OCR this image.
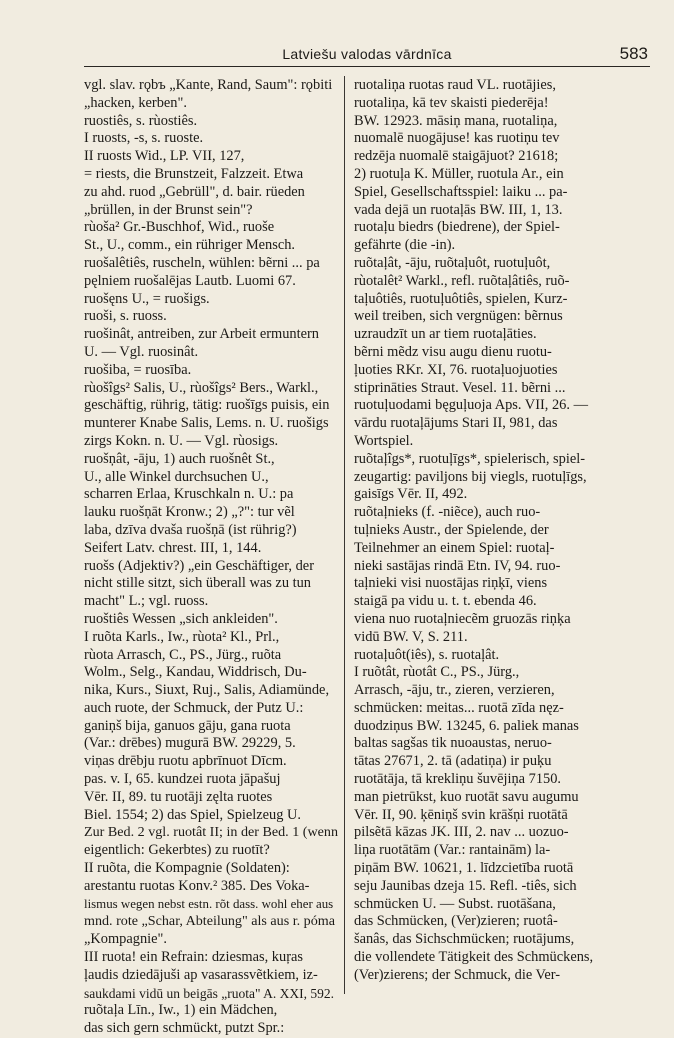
Latviešu valodas vārdnīca	583
vgl. slav. rǫbъ „Kante, Rand, Saum": rǫbiti
„hacken, kerben".
ruostiês, s. rùostiês.
I ruosts, -s, s. ruoste.
II ruosts Wid., LP. VII, 127,
= riests, die Brunstzeit, Falzzeit. Etwa
zu ahd. ruod „Gebrüll", d. bair. rüeden
„brüllen, in der Brunst sein"?
rùoša² Gr.-Buschhof, Wid., ruoše
St., U., comm., ein rühriger Mensch.
ruošalêtiês, ruscheln, wühlen: bẽrni ... pa
pęlniem ruošalējas Lautb. Luomi 67.
ruošęns U., = ruošigs.
ruoši, s. ruoss.
ruošinât, antreiben, zur Arbeit ermuntern
U. — Vgl. ruosinât.
ruošiba, = ruosība.
rùošîgs² Salis, U., rùošîgs² Bers., Warkl.,
geschäftig, rührig, tätig: ruošīgs puisis, ein
munterer Knabe Salis, Lems. n. U. ruošigs
zirgs Kokn. n. U. — Vgl. rùosigs.
ruošņât, -āju, 1) auch ruošnêt St.,
U., alle Winkel durchsuchen U.,
scharren Erlaa, Kruschkaln n. U.: pa
lauku ruošņāt Kronw.; 2) „?": tur vẽl
laba, dzīva dvaša ruošņā (ist rührig?)
Seifert Latv. chrest. III, 1, 144.
ruošs (Adjektiv?) „ein Geschäftiger, der
nicht stille sitzt, sich überall was zu tun
macht" L.; vgl. ruoss.
ruoštiês Wessen „sich ankleiden".
I ruõta Karls., Iw., rùota² Kl., Prl.,
rùota Arrasch, C., PS., Jürg., ruõta
Wolm., Selg., Kandau, Widdrisch, Du-
nika, Kurs., Siuxt, Ruj., Salis, Adiamünde,
auch ruote, der Schmuck, der Putz U.:
ganiņš bija, ganuos gāju, gana ruota
(Var.: drēbes) mugurā BW. 29229, 5.
viņas drēbju ruotu apbrīnuot Dīcm.
pas. v. I, 65. kundzei ruota jāpašuj
Vēr. II, 89. tu ruotāji zęlta ruotes
Biel. 1554; 2) das Spiel, Spielzeug U.
Zur Bed. 2 vgl. ruotât II; in der Bed. 1 (wenn
eigentlich: Gekerbtes) zu ruotīt?
II ruõta, die Kompagnie (Soldaten):
arestantu ruotas Konv.² 385. Des Voka-
lismus wegen nebst estn. rõt dass. wohl eher aus
mnd. rote „Schar, Abteilung" als aus r. póma
„Kompagnie".
III ruota! ein Refrain: dziesmas, kuŗas
ļaudis dziedājuši ap vasarassvẽtkiem, iz-
saukdami vidū un beigās „ruota" A. XXI, 592.
ruõtaļa Līn., Iw., 1) ein Mädchen,
das sich gern schmückt, putzt Spr.:
ruotaliņa ruotas raud VL. ruotājies,
ruotaliņa, kā tev skaisti piederēja!
BW. 12923. māsiņ mana, ruotaliņa,
nuomalē nuogājuse! kas ruotiņu tev
redzēja nuomalē staigājuot? 21618;
2) ruotuļa K. Müller, ruotula Ar., ein
Spiel, Gesellschaftsspiel: laiku ... pa-
vada dejā un ruotaļās BW. III, 1, 13.
ruotaļu biedrs (biedrene), der Spiel-
gefährte (die -in).
ruõtaļât, -āju, ruõtaļuôt, ruotuļuôt,
rùotalêt² Warkl., refl. ruõtaļâtiês, ruõ-
taļuôtiês, ruotuļuôtiês, spielen, Kurz-
weil treiben, sich vergnügen: bẽrnus
uzraudzīt un ar tiem ruotaļāties.
bẽrni mẽdz visu augu dienu ruotu-
ļuoties RKr. XI, 76. ruotaļuojuoties
stiprināties Straut. Vesel. 11. bẽrni ...
ruotuļuodami bęguļuoja Aps. VII, 26. —
vārdu ruotaļājums Stari II, 981, das
Wortspiel.
ruõtaļîgs*, ruotuļīgs*, spielerisch, spiel-
zeugartig: paviljons bij viegls, ruotuļīgs,
gaisīgs Vēr. II, 492.
ruõtaļnieks (f. -niẽce), auch ruo-
tuļnieks Austr., der Spielende, der
Teilnehmer an einem Spiel: ruotaļ-
nieki sastājas rindā Etn. IV, 94. ruo-
taļnieki visi nuostājas riņķī, viens
staigā pa vidu u. t. t. ebenda 46.
viena nuo ruotaļniecẽm gruozās riņķa
vidū BW. V, S. 211.
ruotaļuôt(iês), s. ruotaļât.
I ruõtât, rùotât C., PS., Jürg.,
Arrasch, -āju, tr., zieren, verzieren,
schmücken: meitas... ruotā zīda nęz-
duodziņus BW. 13245, 6. paliek manas
baltas sagšas tik nuoaustas, neruo-
tātas 27671, 2. tā (adatiņa) ir puķu
ruotātāja, tā krekliņu šuvējiņa 7150.
man pietrūkst, kuo ruotāt savu augumu
Vēr. II, 90. ķēniņš svin krāšņi ruotātā
pilsẽtā kāzas JK. III, 2. nav ... uozuo-
liņa ruotātām (Var.: rantainām) la-
piņām BW. 10621, 1. līdzcietība ruotā
seju Jaunibas dzeja 15. Refl. -tiês, sich
schmücken U. — Subst. ruotāšana,
das Schmücken, (Ver)zieren; ruotâ-
šanâs, das Sichschmücken; ruotājums,
die vollendete Tätigkeit des Schmückens,
(Ver)zierens; der Schmuck, die Ver-
